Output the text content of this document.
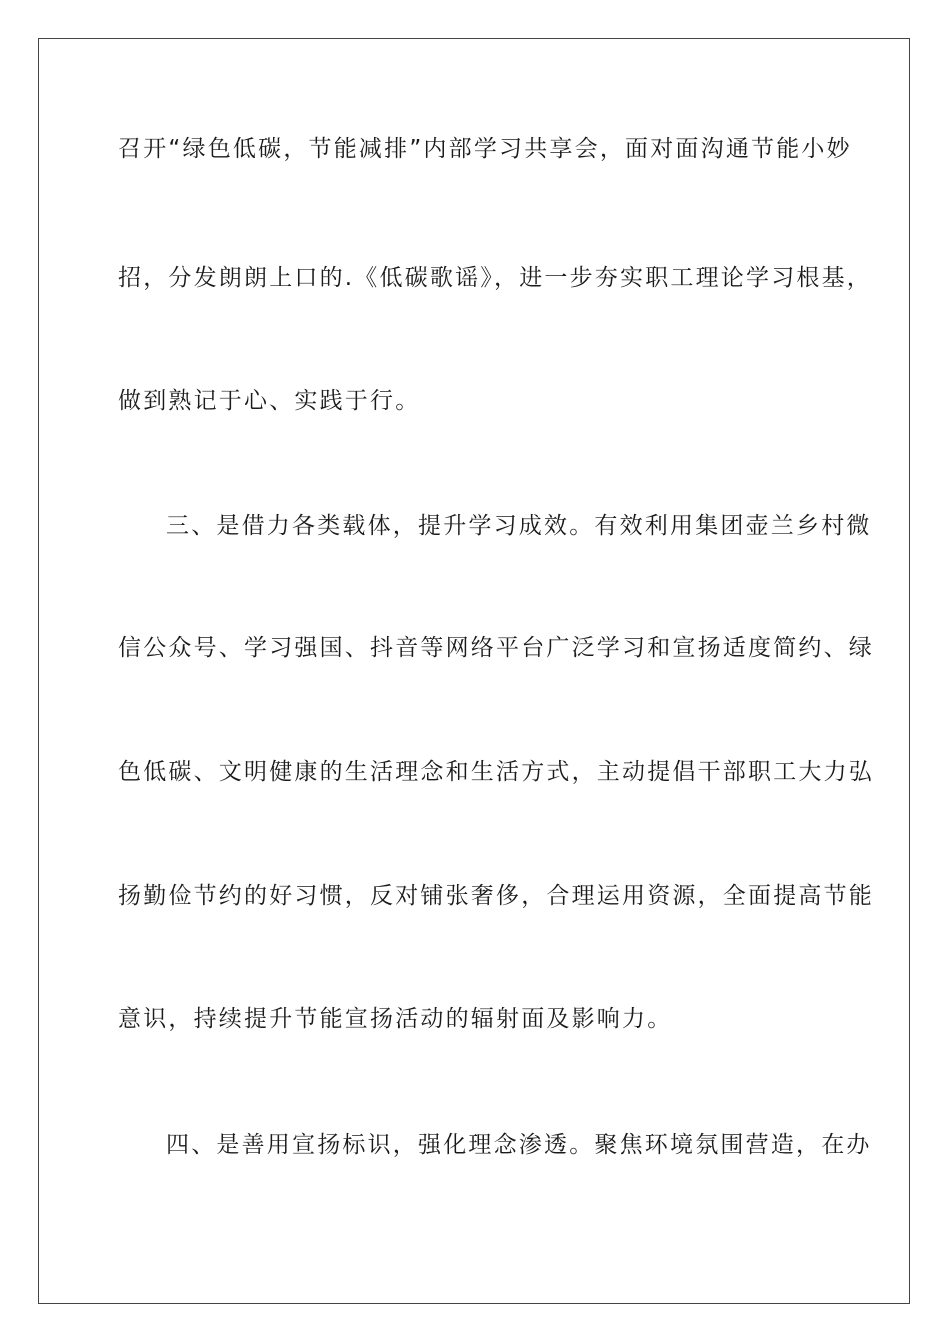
召开“绿色低碳，节能减排”内部学习共享会，面对面沟通节能小妙
招，分发朗朗上口的.《低碳歌谣》，进一步夯实职工理论学习根基，
做到熟记于心、实践于行。
三、是借力各类载体，提升学习成效。有效利用集团壶兰乡村微
信公众号、学习强国、抖音等网络平台广泛学习和宣扬适度简约、绿
色低碳、文明健康的生活理念和生活方式，主动提倡干部职工大力弘
扬勤俭节约的好习惯，反对铺张奢侈，合理运用资源，全面提高节能
意识，持续提升节能宣扬活动的辐射面及影响力。
四、是善用宣扬标识，强化理念渗透。聚焦环境氛围营造，在办
